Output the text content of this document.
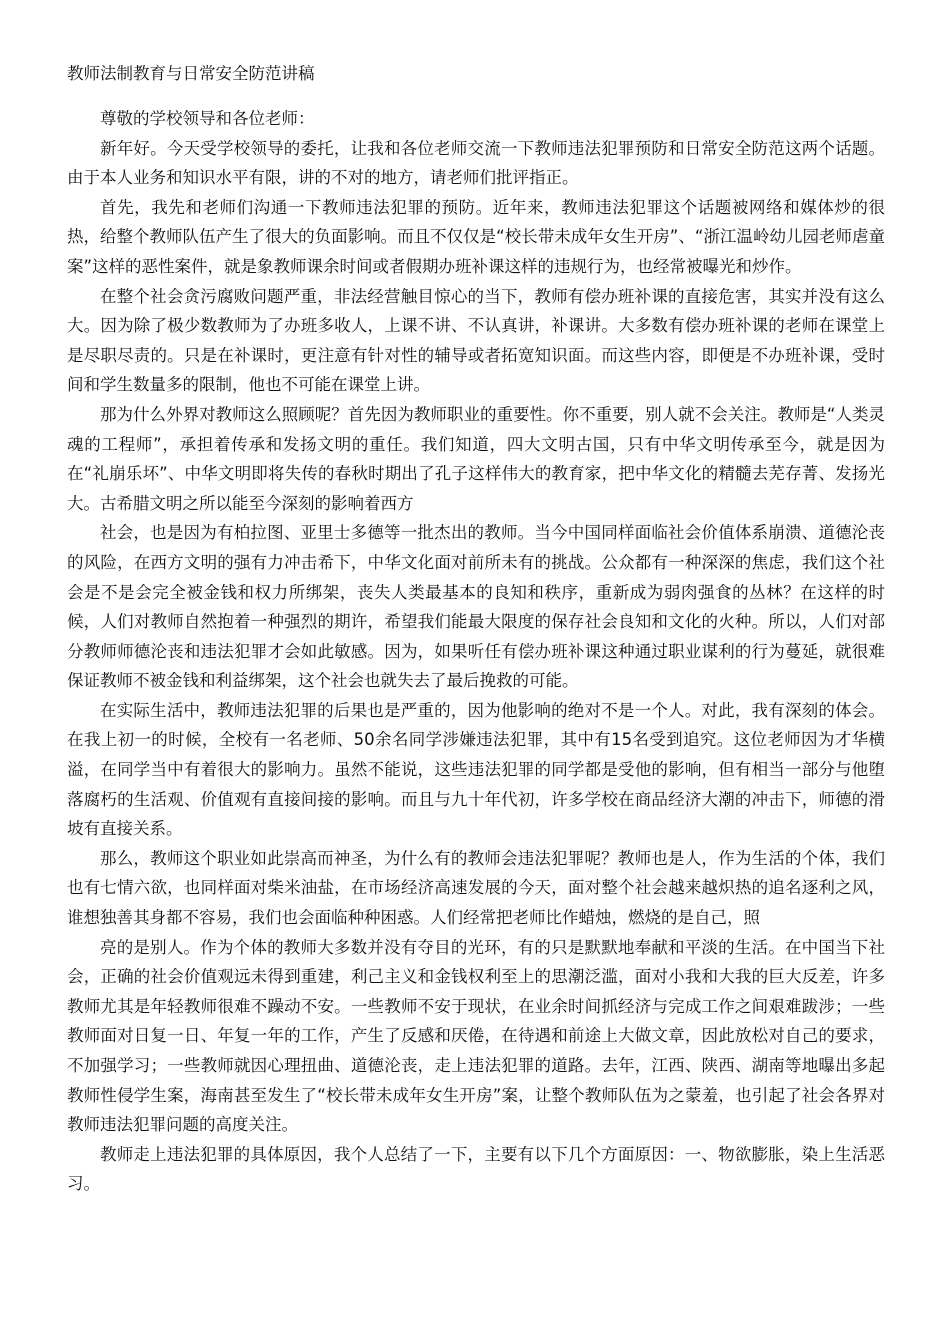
教师法制教育与日常安全防范讲稿

尊敬的学校领导和各位老师：

新年好。今天受学校领导的委托，让我和各位老师交流一下教师违法犯罪预防和日常安全防范这两个话题。由于本人业务和知识水平有限，讲的不对的地方，请老师们批评指正。

首先，我先和老师们沟通一下教师违法犯罪的预防。近年来，教师违法犯罪这个话题被网络和媒体炒的很热，给整个教师队伍产生了很大的负面影响。而且不仅仅是“校长带未成年女生开房”、“浙江温岭幼儿园老师虐童案”这样的恶性案件，就是象教师课余时间或者假期办班补课这样的违规行为，也经常被曝光和炒作。

在整个社会贪污腐败问题严重，非法经营触目惊心的当下，教师有偿办班补课的直接危害，其实并没有这么大。因为除了极少数教师为了办班多收人，上课不讲、不认真讲，补课讲。大多数有偿办班补课的老师在课堂上是尽职尽责的。只是在补课时，更注意有针对性的辅导或者拓宽知识面。而这些内容，即便是不办班补课，受时间和学生数量多的限制，他也不可能在课堂上讲。

那为什么外界对教师这么照顾呢？首先因为教师职业的重要性。你不重要，别人就不会关注。教师是“人类灵魂的工程师”，承担着传承和发扬文明的重任。我们知道，四大文明古国，只有中华文明传承至今，就是因为在“礼崩乐坏”、中华文明即将失传的春秋时期出了孔子这样伟大的教育家，把中华文化的精髓去芜存菁、发扬光大。古希腊文明之所以能至今深刻的影响着西方

社会，也是因为有柏拉图、亚里士多德等一批杰出的教师。当今中国同样面临社会价值体系崩溃、道德沦丧的风险，在西方文明的强有力冲击希下，中华文化面对前所未有的挑战。公众都有一种深深的焦虑，我们这个社会是不是会完全被金钱和权力所绑架，丧失人类最基本的良知和秩序，重新成为弱肉强食的丛林？在这样的时候，人们对教师自然抱着一种强烈的期许，希望我们能最大限度的保存社会良知和文化的火种。所以，人们对部分教师师德沦丧和违法犯罪才会如此敏感。因为，如果听任有偿办班补课这种通过职业谋利的行为蔓延，就很难保证教师不被金钱和利益绑架，这个社会也就失去了最后挽救的可能。

在实际生活中，教师违法犯罪的后果也是严重的，因为他影响的绝对不是一个人。对此，我有深刻的体会。在我上初一的时候，全校有一名老师、50余名同学涉嫌违法犯罪，其中有15名受到追究。这位老师因为才华横溢，在同学当中有着很大的影响力。虽然不能说，这些违法犯罪的同学都是受他的影响，但有相当一部分与他堕落腐朽的生活观、价值观有直接间接的影响。而且与九十年代初，许多学校在商品经济大潮的冲击下，师德的滑坡有直接关系。

那么，教师这个职业如此崇高而神圣，为什么有的教师会违法犯罪呢？教师也是人，作为生活的个体，我们也有七情六欲，也同样面对柴米油盐，在市场经济高速发展的今天，面对整个社会越来越炽热的追名逐利之风，谁想独善其身都不容易，我们也会面临种种困惑。人们经常把老师比作蜡烛，燃烧的是自己，照

亮的是别人。作为个体的教师大多数并没有夺目的光环，有的只是默默地奉献和平淡的生活。在中国当下社会，正确的社会价值观远未得到重建，利己主义和金钱权利至上的思潮泛滥，面对小我和大我的巨大反差，许多教师尤其是年轻教师很难不躁动不安。一些教师不安于现状，在业余时间抓经济与完成工作之间艰难跋涉；一些教师面对日复一日、年复一年的工作，产生了反感和厌倦，在待遇和前途上大做文章，因此放松对自己的要求，不加强学习；一些教师就因心理扭曲、道德沦丧，走上违法犯罪的道路。去年，江西、陕西、湖南等地曝出多起教师性侵学生案，海南甚至发生了“校长带未成年女生开房”案，让整个教师队伍为之蒙羞，也引起了社会各界对教师违法犯罪问题的高度关注。

教师走上违法犯罪的具体原因，我个人总结了一下，主要有以下几个方面原因：一、物欲膨胀，染上生活恶习。
